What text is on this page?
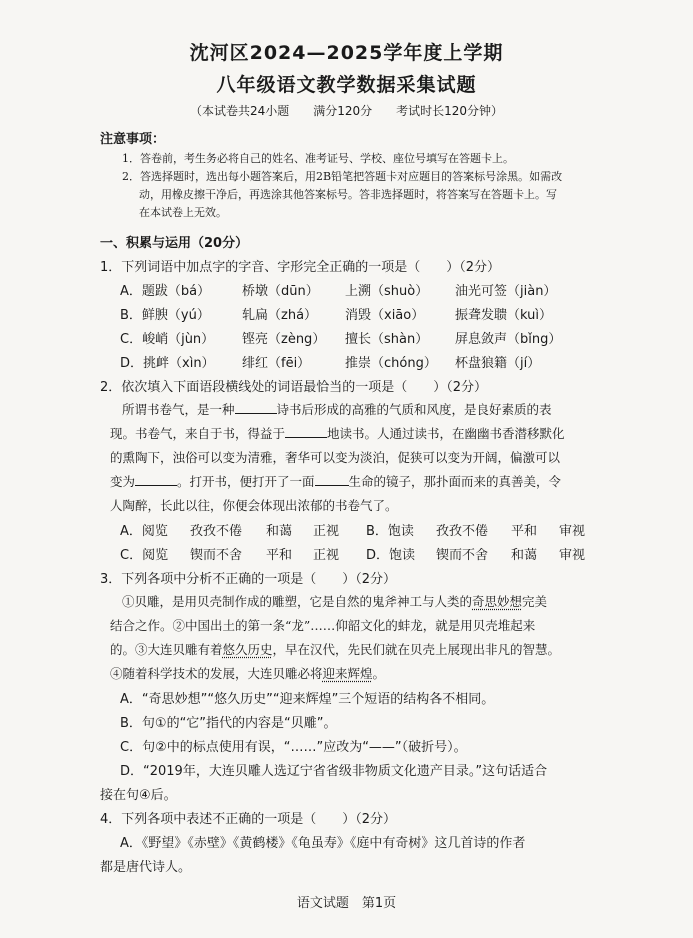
沈河区2024—2025学年度上学期
八年级语文教学数据采集试题
（本试卷共24小题　　满分120分　　考试时长120分钟）
注意事项：
1．答卷前，考生务必将自己的姓名、准考证号、学校、座位号填写在答题卡上。
2．答选择题时，选出每小题答案后，用2B铅笔把答题卡对应题目的答案标号涂黑。如需改
动，用橡皮擦干净后，再选涂其他答案标号。答非选择题时，将答案写在答题卡上。写
在本试卷上无效。
一、积累与运用（20分）
1．下列词语中加点字的字音、字形完全正确的一项是（　　）（2分）
A．题跋（bá） 桥墩（dūn） 上溯（shuò） 油光可签（jiàn）
B．鲜腴（yú） 轧扁（zhá） 消毁（xiāo） 振聋发聩（kuì）
C．峻峭（jùn） 铿亮（zèng） 擅长（shàn） 屏息敛声（bǐng）
D．挑衅（xìn） 绯红（fēi）	推崇（chóng） 杯盘狼籍（jí）
2．依次填入下面语段横线处的词语最恰当的一项是（　　）（2分）
所谓书卷气，是一种	诗书后形成的高雅的气质和风度，是良好素质的表
现。书卷气，来自于书，得益于	地读书。人通过读书，在幽幽书香潜移默化
的熏陶下，浊俗可以变为清雅，奢华可以变为淡泊，促狭可以变为开阔，偏激可以
变为	。打开书，便打开了一面	生命的镜子，那扑面而来的真善美，令
人陶醉，长此以往，你便会体现出浓郁的书卷气了。
A．阅览 孜孜不倦 和蔼 正视 B．饱读 孜孜不倦 平和 审视
C．阅览 锲而不舍 平和 正视 D．饱读 锲而不舍 和蔼 审视
3．下列各项中分析不正确的一项是（　　）（2分）
①贝雕，是用贝壳制作成的雕塑，它是自然的鬼斧神工与人类的奇思妙想完美
结合之作。②中国出土的第一条“龙”……仰韶文化的蚌龙，就是用贝壳堆起来
的。③大连贝雕有着悠久历史，早在汉代，先民们就在贝壳上展现出非凡的智慧。
④随着科学技术的发展，大连贝雕必将迎来辉煌。
A．“奇思妙想”“悠久历史”“迎来辉煌”三个短语的结构各不相同。
B．句①的“它”指代的内容是“贝雕”。
C．句②中的标点使用有误，“……”应改为“——”（破折号）。
D．“2019年，大连贝雕人选辽宁省省级非物质文化遗产目录。”这句话适合
接在句④后。
4．下列各项中表述不正确的一项是（　　）（2分）
A．《野望》《赤壁》《黄鹤楼》《龟虽寿》《庭中有奇树》这几首诗的作者
都是唐代诗人。
语文试题　第1页
